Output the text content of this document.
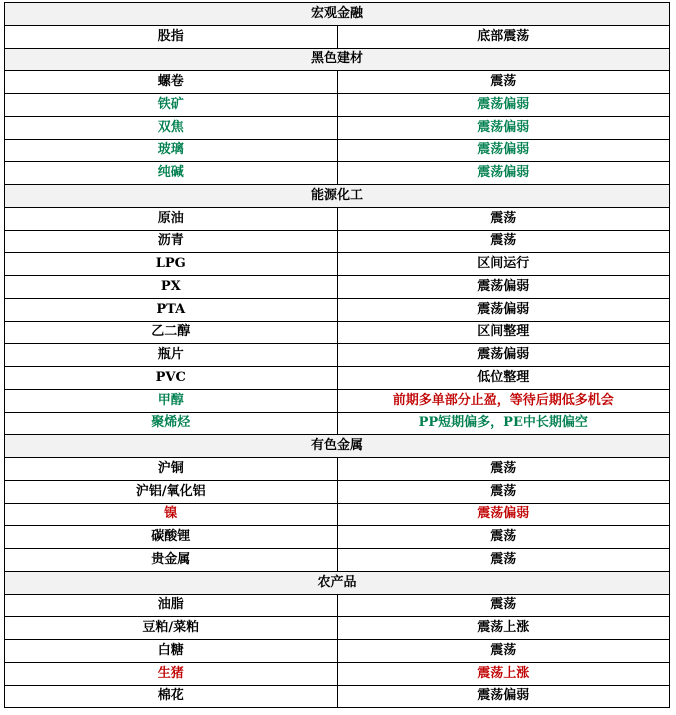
宏观金融	
股指	底部震荡
黑色建材	
螺卷	震荡
铁矿	震荡偏弱
双焦	震荡偏弱
玻璃	震荡偏弱
纯碱	震荡偏弱
能源化工	
原油	震荡
沥青	震荡
LPG	区间运行
PX	震荡偏弱
PTA	震荡偏弱
乙二醇	区间整理
瓶片	震荡偏弱
PVC	低位整理
甲醇	前期多单部分止盈，等待后期低多机会
聚烯烃	PP短期偏多，PE中长期偏空
有色金属	
沪铜	震荡
沪铝/氧化铝	震荡
镍	震荡偏弱
碳酸锂	震荡
贵金属	震荡
农产品	
油脂	震荡
豆粕/菜粕	震荡上涨
白糖	震荡
生猪	震荡上涨
棉花	震荡偏弱
